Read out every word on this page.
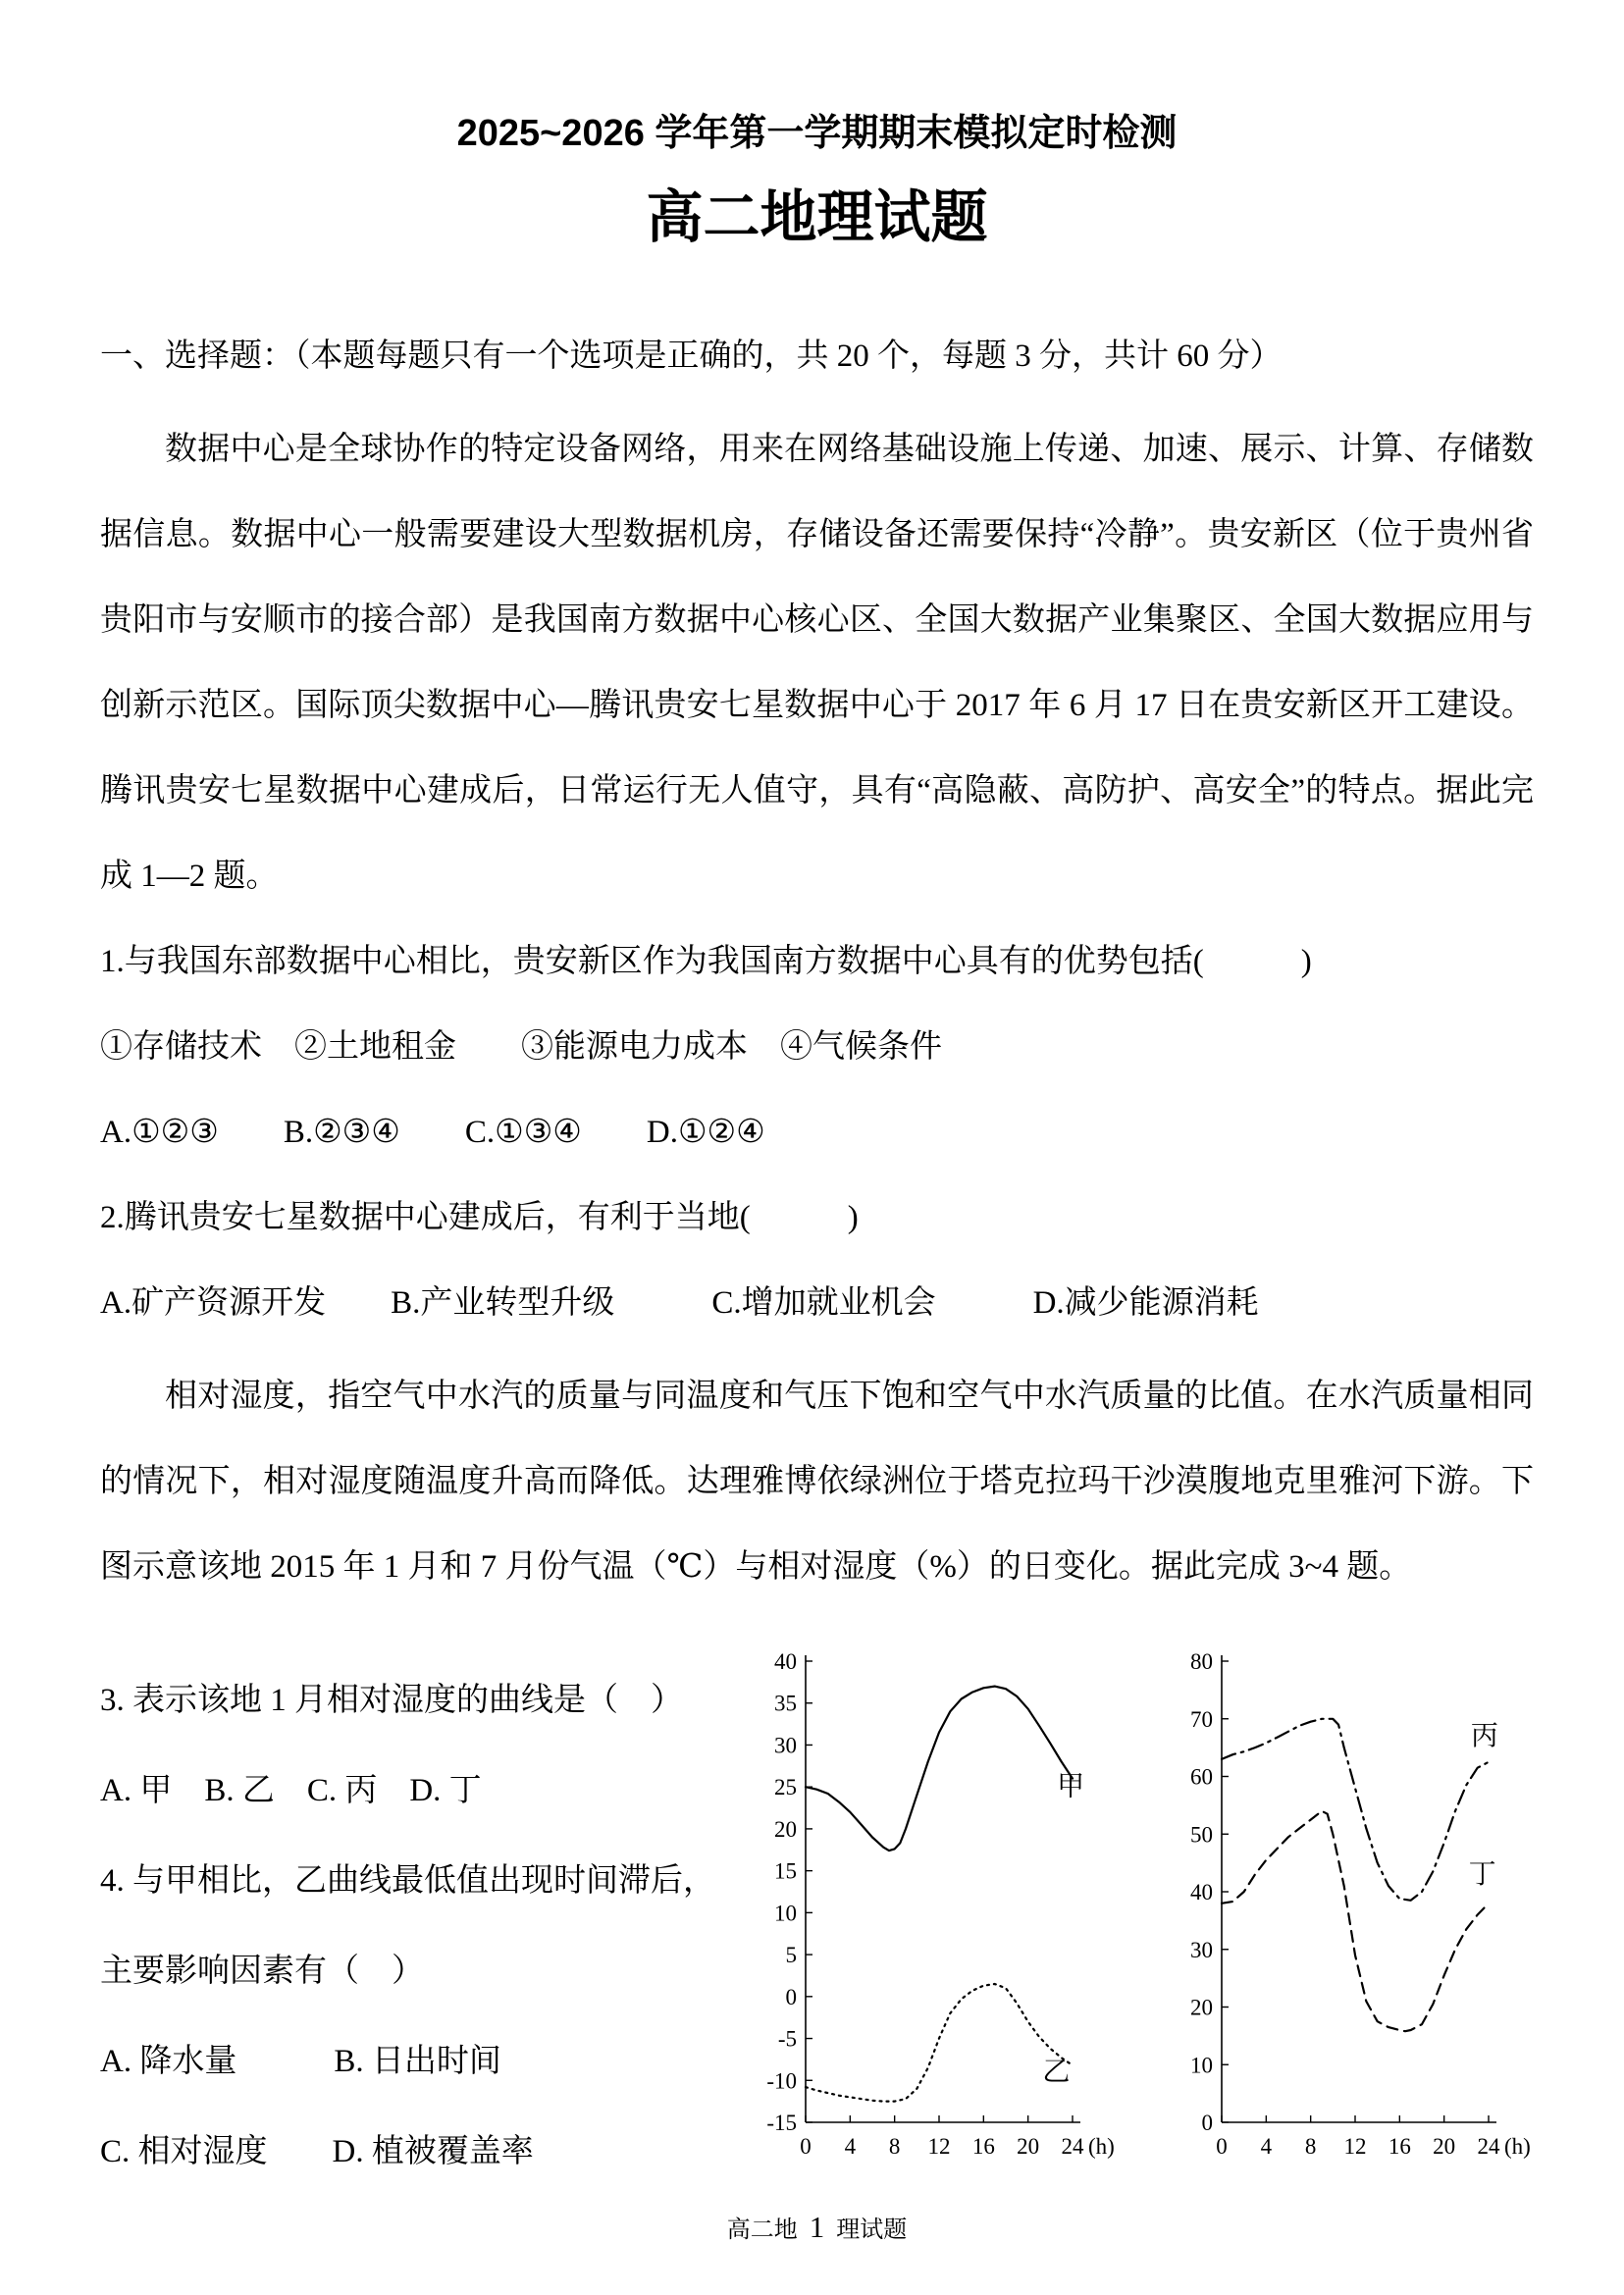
2025~2026 学年第一学期期末模拟定时检测
高二地理试题

一、选择题：（本题每题只有一个选项是正确的，共 20 个，每题 3 分，共计 60 分）

数据中心是全球协作的特定设备网络，用来在网络基础设施上传递、加速、展示、计算、存储数据信息。数据中心一般需要建设大型数据机房，存储设备还需要保持“冷静”。贵安新区（位于贵州省贵阳市与安顺市的接合部）是我国南方数据中心核心区、全国大数据产业集聚区、全国大数据应用与创新示范区。国际顶尖数据中心—腾讯贵安七星数据中心于 2017 年 6 月 17 日在贵安新区开工建设。腾讯贵安七星数据中心建成后，日常运行无人值守，具有“高隐蔽、高防护、高安全”的特点。据此完成 1—2 题。

1.与我国东部数据中心相比，贵安新区作为我国南方数据中心具有的优势包括(　　　)

①存储技术　②土地租金　　③能源电力成本　④气候条件

A.①②③　　B.②③④　　C.①③④　　D.①②④

2.腾讯贵安七星数据中心建成后，有利于当地(　　　)

A.矿产资源开发　　B.产业转型升级　　　C.增加就业机会　　　D.减少能源消耗

相对湿度，指空气中水汽的质量与同温度和气压下饱和空气中水汽质量的比值。在水汽质量相同的情况下，相对湿度随温度升高而降低。达理雅博依绿洲位于塔克拉玛干沙漠腹地克里雅河下游。下图示意该地 2015 年 1 月和 7 月份气温（℃）与相对湿度（%）的日变化。据此完成 3~4 题。

3. 表示该地 1 月相对湿度的曲线是（　）

A. 甲　B. 乙　C. 丙　D. 丁

4. 与甲相比，乙曲线最低值出现时间滞后，

主要影响因素有（　）

A. 降水量　　　B. 日出时间

C. 相对湿度　　D. 植被覆盖率

-15
-10
-5
0
5
10
15
20
25
30
35
40
0 4 8 12 16 20 24 (h)
甲
乙
0
10
20
30
40
50
60
70
80
0 4 8 12 16 20 24 (h)
丙
丁
高二地 1 理试题
